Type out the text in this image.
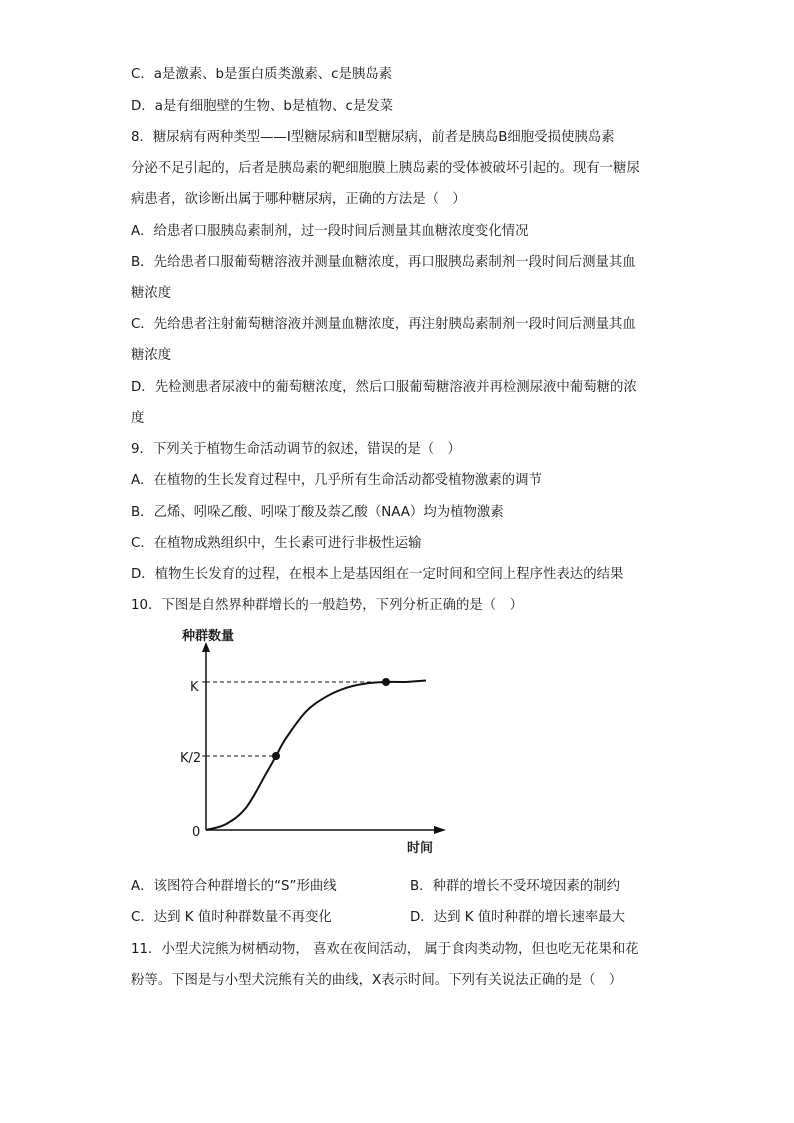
C．a是激素、b是蛋白质类激素、c是胰岛素
D．a是有细胞壁的生物、b是植物、c是发菜
8．糖尿病有两种类型——Ⅰ型糖尿病和Ⅱ型糖尿病，前者是胰岛B细胞受损使胰岛素
分泌不足引起的，后者是胰岛素的靶细胞膜上胰岛素的受体被破坏引起的。现有一糖尿
病患者，欲诊断出属于哪种糖尿病，正确的方法是（　）
A．给患者口服胰岛素制剂，过一段时间后测量其血糖浓度变化情况
B．先给患者口服葡萄糖溶液并测量血糖浓度，再口服胰岛素制剂一段时间后测量其血
糖浓度
C．先给患者注射葡萄糖溶液并测量血糖浓度，再注射胰岛素制剂一段时间后测量其血
糖浓度
D．先检测患者尿液中的葡萄糖浓度，然后口服葡萄糖溶液并再检测尿液中葡萄糖的浓
度
9．下列关于植物生命活动调节的叙述，错误的是（　）
A．在植物的生长发育过程中，几乎所有生命活动都受植物激素的调节
B．乙烯、吲哚乙酸、吲哚丁酸及萘乙酸（NAA）均为植物激素
C．在植物成熟组织中，生长素可进行非极性运输
D．植物生长发育的过程，在根本上是基因组在一定时间和空间上程序性表达的结果
10．下图是自然界种群增长的一般趋势，下列分析正确的是（　）
种群数量
时间
K
K/2
0
A．该图符合种群增长的“S”形曲线	B．种群的增长不受环境因素的制约
C．达到 K 值时种群数量不再变化	D．达到 K 值时种群的增长速率最大
11．小型犬浣熊为树栖动物， 喜欢在夜间活动， 属于食肉类动物，但也吃无花果和花
粉等。下图是与小型犬浣熊有关的曲线，X表示时间。下列有关说法正确的是（　）
